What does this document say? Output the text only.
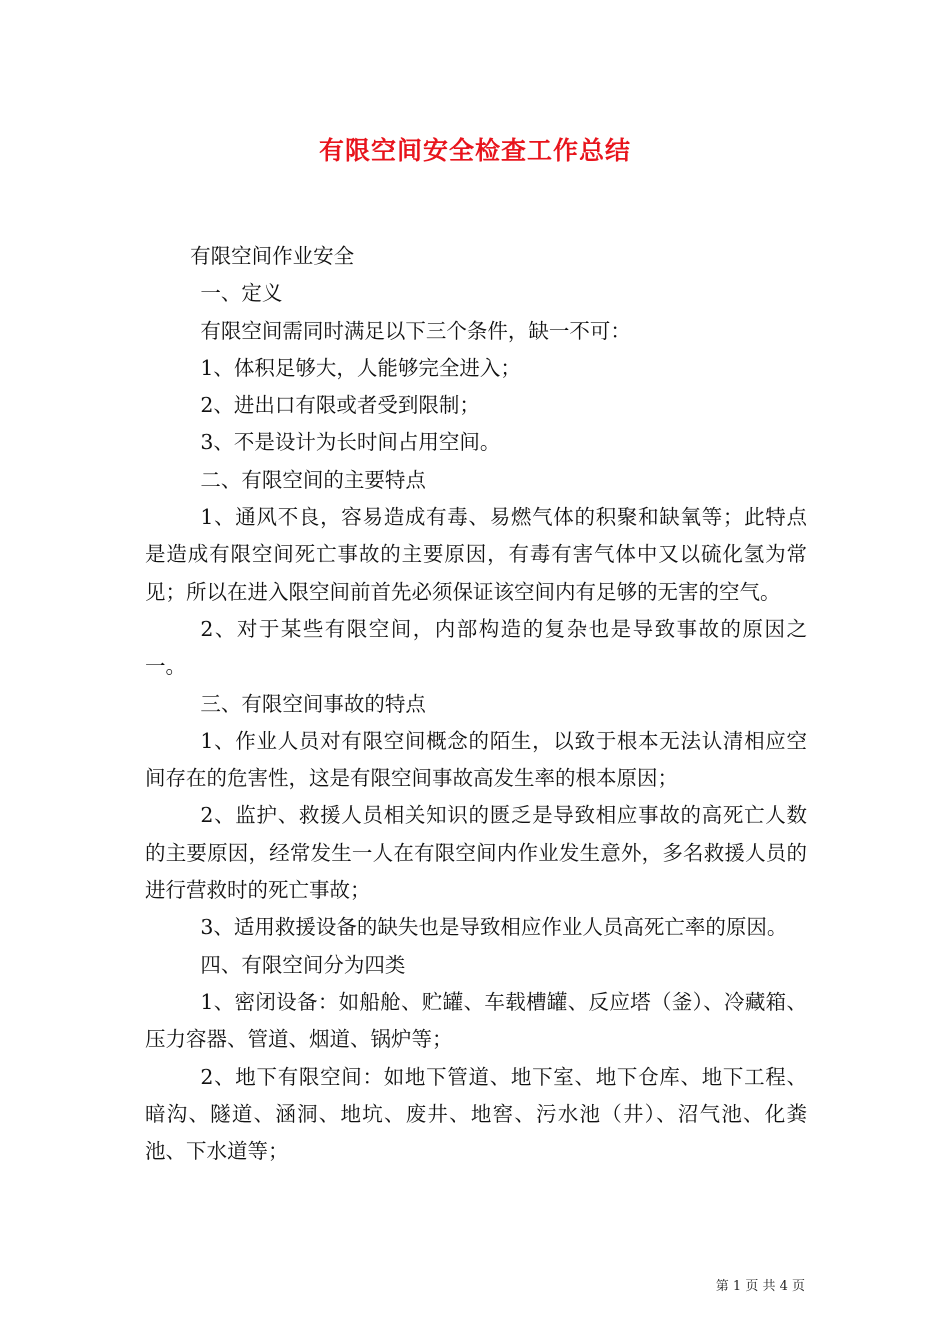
有限空间安全检查工作总结

有限空间作业安全

一、定义

有限空间需同时满足以下三个条件，缺一不可：

1、体积足够大，人能够完全进入；

2、进出口有限或者受到限制；

3、不是设计为长时间占用空间。

二、有限空间的主要特点

1、通风不良，容易造成有毒、易燃气体的积聚和缺氧等；此特点是造成有限空间死亡事故的主要原因，有毒有害气体中又以硫化氢为常见；所以在进入限空间前首先必须保证该空间内有足够的无害的空气。

2、对于某些有限空间，内部构造的复杂也是导致事故的原因之一。

三、有限空间事故的特点

1、作业人员对有限空间概念的陌生，以致于根本无法认清相应空间存在的危害性，这是有限空间事故高发生率的根本原因；

2、监护、救援人员相关知识的匮乏是导致相应事故的高死亡人数的主要原因，经常发生一人在有限空间内作业发生意外，多名救援人员的进行营救时的死亡事故；

3、适用救援设备的缺失也是导致相应作业人员高死亡率的原因。

四、有限空间分为四类

1、密闭设备：如船舱、贮罐、车载槽罐、反应塔（釜）、冷藏箱、压力容器、管道、烟道、锅炉等；

2、地下有限空间：如地下管道、地下室、地下仓库、地下工程、暗沟、隧道、涵洞、地坑、废井、地窖、污水池（井）、沼气池、化粪池、下水道等；

第 1 页 共 4 页
